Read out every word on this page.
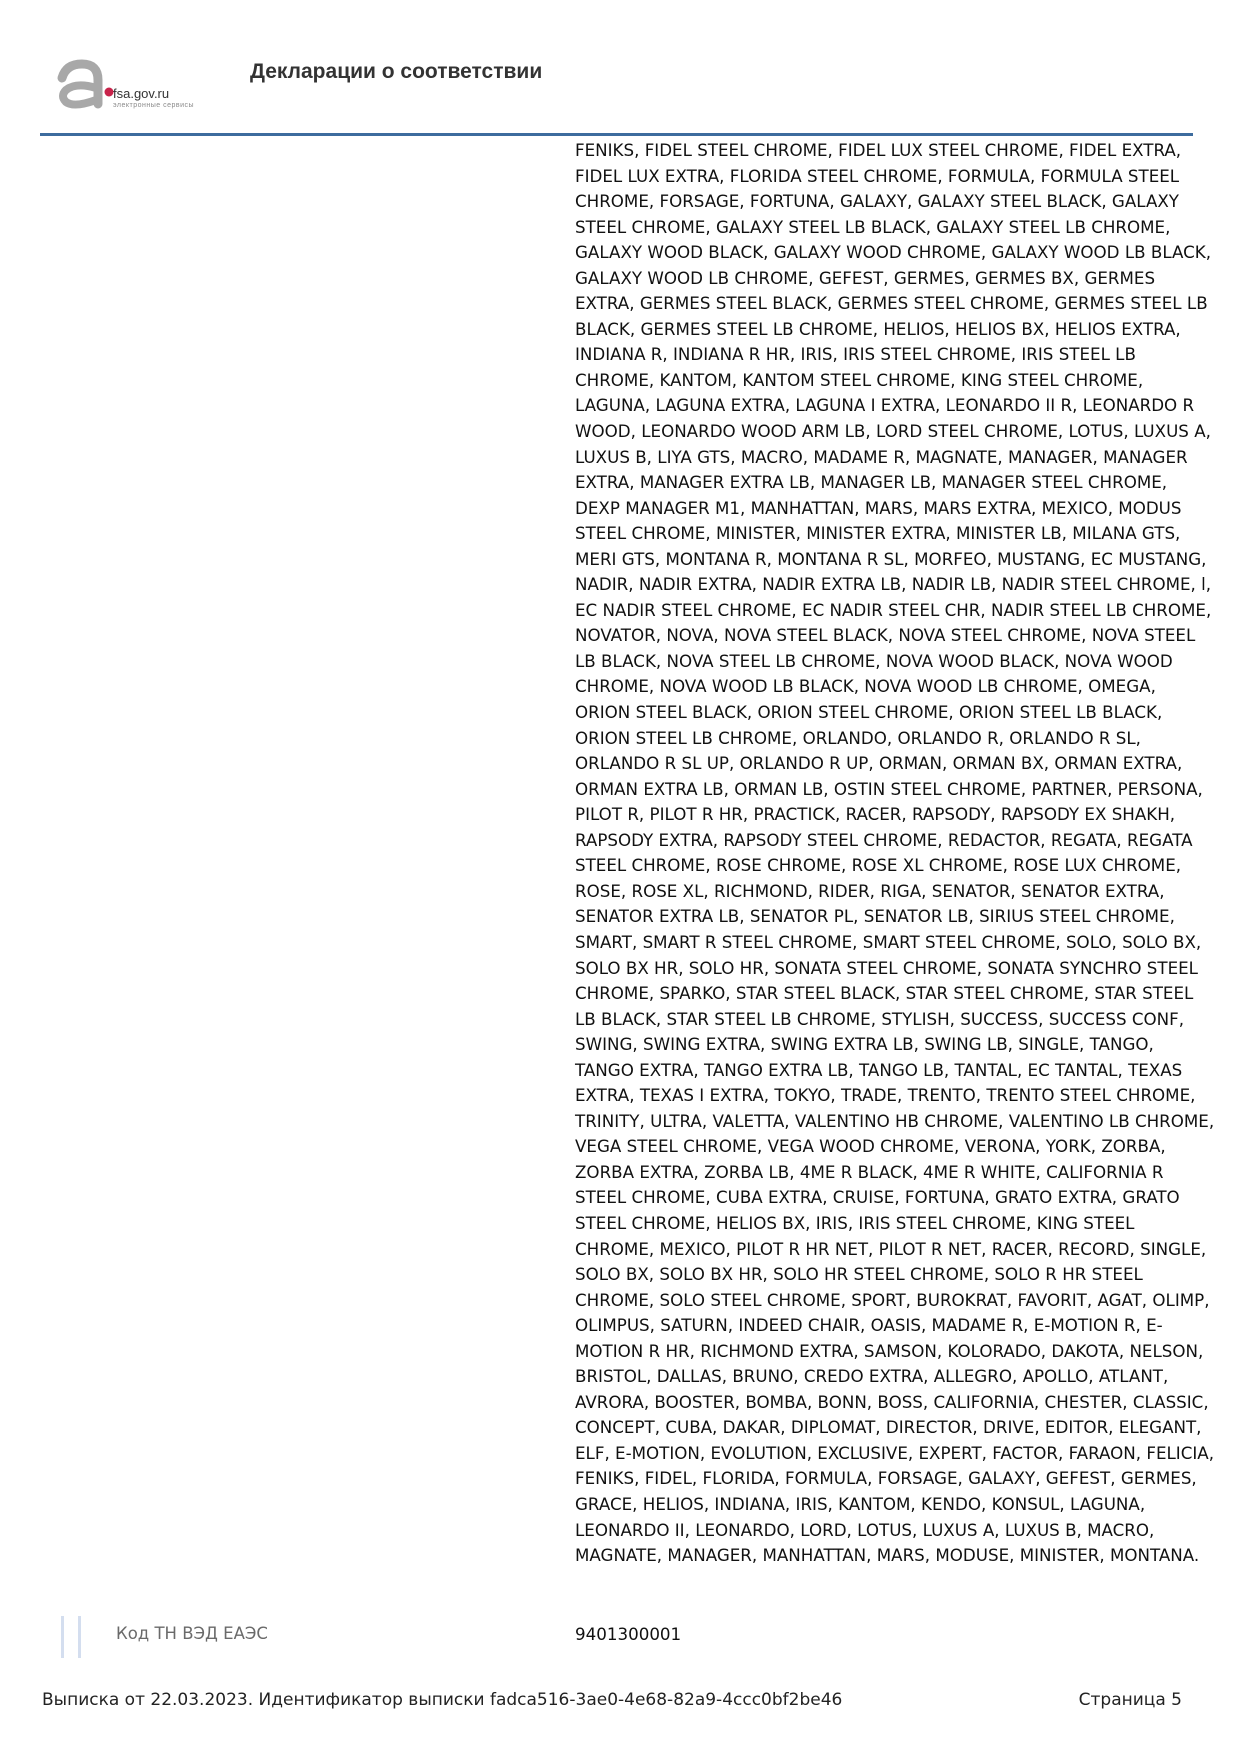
fsa.gov.ru
электронные сервисы
Декларации о соответствии

FENIKS, FIDEL STEEL CHROME, FIDEL LUX STEEL CHROME, FIDEL EXTRA, FIDEL LUX EXTRA, FLORIDA STEEL CHROME, FORMULA, FORMULA STEEL CHROME, FORSAGE, FORTUNA, GALAXY, GALAXY STEEL BLACK, GALAXY STEEL CHROME, GALAXY STEEL LB BLACK, GALAXY STEEL LB CHROME, GALAXY WOOD BLACK, GALAXY WOOD CHROME, GALAXY WOOD LB BLACK, GALAXY WOOD LB CHROME, GEFEST, GERMES, GERMES BX, GERMES EXTRA, GERMES STEEL BLACK, GERMES STEEL CHROME, GERMES STEEL LB BLACK, GERMES STEEL LB CHROME, HELIOS, HELIOS BX, HELIOS EXTRA, INDIANA R, INDIANA R HR, IRIS, IRIS STEEL CHROME, IRIS STEEL LB CHROME, KANTOM, KANTOM STEEL CHROME, KING STEEL CHROME, LAGUNA, LAGUNA EXTRA, LAGUNA I EXTRA, LEONARDO II R, LEONARDO R WOOD, LEONARDO WOOD ARM LB, LORD STEEL CHROME, LOTUS, LUXUS A, LUXUS B, LIYA GTS, MACRO, MADAME R, MAGNATE, MANAGER, MANAGER EXTRA, MANAGER EXTRA LB, MANAGER LB, MANAGER STEEL CHROME, DEXP MANAGER M1, MANHATTAN, MARS, MARS EXTRA, MEXICO, MODUS STEEL CHROME, MINISTER, MINISTER EXTRA, MINISTER LB, MILANA GTS, MERI GTS, MONTANA R, MONTANA R SL, MORFEO, MUSTANG, EC MUSTANG, NADIR, NADIR EXTRA, NADIR EXTRA LB, NADIR LB, NADIR STEEL CHROME, l, EC NADIR STEEL CHROME, EC NADIR STEEL CHR, NADIR STEEL LB CHROME, NOVATOR, NOVA, NOVA STEEL BLACK, NOVA STEEL CHROME, NOVA STEEL LB BLACK, NOVA STEEL LB CHROME, NOVA WOOD BLACK, NOVA WOOD CHROME, NOVA WOOD LB BLACK, NOVA WOOD LB CHROME, OMEGA, ORION STEEL BLACK, ORION STEEL CHROME, ORION STEEL LB BLACK, ORION STEEL LB CHROME, ORLANDO, ORLANDO R, ORLANDO R SL, ORLANDO R SL UP, ORLANDO R UP, ORMAN, ORMAN BX, ORMAN EXTRA, ORMAN EXTRA LB, ORMAN LB, OSTIN STEEL CHROME, PARTNER, PERSONA, PILOT R, PILOT R HR, PRACTICK, RACER, RAPSODY, RAPSODY EX SHAKH, RAPSODY EXTRA, RAPSODY STEEL CHROME, REDACTOR, REGATA, REGATA STEEL CHROME, ROSE CHROME, ROSE XL CHROME, ROSE LUX CHROME, ROSE, ROSE XL, RICHMOND, RIDER, RIGA, SENATOR, SENATOR EXTRA, SENATOR EXTRA LB, SENATOR PL, SENATOR LB, SIRIUS STEEL CHROME, SMART, SMART R STEEL CHROME, SMART STEEL CHROME, SOLO, SOLO BX, SOLO BX HR, SOLO HR, SONATA STEEL CHROME, SONATA SYNCHRO STEEL CHROME, SPARKO, STAR STEEL BLACK, STAR STEEL CHROME, STAR STEEL LB BLACK, STAR STEEL LB CHROME, STYLISH, SUCCESS, SUCCESS CONF, SWING, SWING EXTRA, SWING EXTRA LB, SWING LB, SINGLE, TANGO, TANGO EXTRA, TANGO EXTRA LB, TANGO LB, TANTAL, EC TANTAL, TEXAS EXTRA, TEXAS I EXTRA, TOKYO, TRADE, TRENTO, TRENTO STEEL CHROME, TRINITY, ULTRA, VALETTA, VALENTINO HB CHROME, VALENTINO LB CHROME, VEGA STEEL CHROME, VEGA WOOD CHROME, VERONA, YORK, ZORBA, ZORBA EXTRA, ZORBA LB, 4ME R BLACK, 4ME R WHITE, CALIFORNIA R STEEL CHROME, CUBA EXTRA, CRUISE, FORTUNA, GRATO EXTRA, GRATO STEEL CHROME, HELIOS BX, IRIS, IRIS STEEL CHROME, KING STEEL CHROME, MEXICO, PILOT R HR NET, PILOT R NET, RACER, RECORD, SINGLE, SOLO BX, SOLO BX HR, SOLO HR STEEL CHROME, SOLO R HR STEEL CHROME, SOLO STEEL CHROME, SPORT, BUROKRAT, FAVORIT, AGAT, OLIMP, OLIMPUS, SATURN, INDEED CHAIR, OASIS, MADAME R, E-MOTION R, E-MOTION R HR, RICHMOND EXTRA, SAMSON, KOLORADO, DAKOTA, NELSON, BRISTOL, DALLAS, BRUNO, CREDO EXTRA, ALLEGRO, APOLLO, ATLANT, AVRORA, BOOSTER, BOMBA, BONN, BOSS, CALIFORNIA, CHESTER, CLASSIC, CONCEPT, CUBA, DAKAR, DIPLOMAT, DIRECTOR, DRIVE, EDITOR, ELEGANT, ELF, E-MOTION, EVOLUTION, EXCLUSIVE, EXPERT, FACTOR, FARAON, FELICIA, FENIKS, FIDEL, FLORIDA, FORMULA, FORSAGE, GALAXY, GEFEST, GERMES, GRACE, HELIOS, INDIANA, IRIS, KANTOM, KENDO, KONSUL, LAGUNA, LEONARDO II, LEONARDO, LORD, LOTUS, LUXUS A, LUXUS B, MACRO, MAGNATE, MANAGER, MANHATTAN, MARS, MODUSE, MINISTER, MONTANA.

Код ТН ВЭД ЕАЭС	9401300001
Выписка от 22.03.2023. Идентификатор выписки fadca516-3ae0-4e68-82a9-4ccc0bf2be46	Страница 5
